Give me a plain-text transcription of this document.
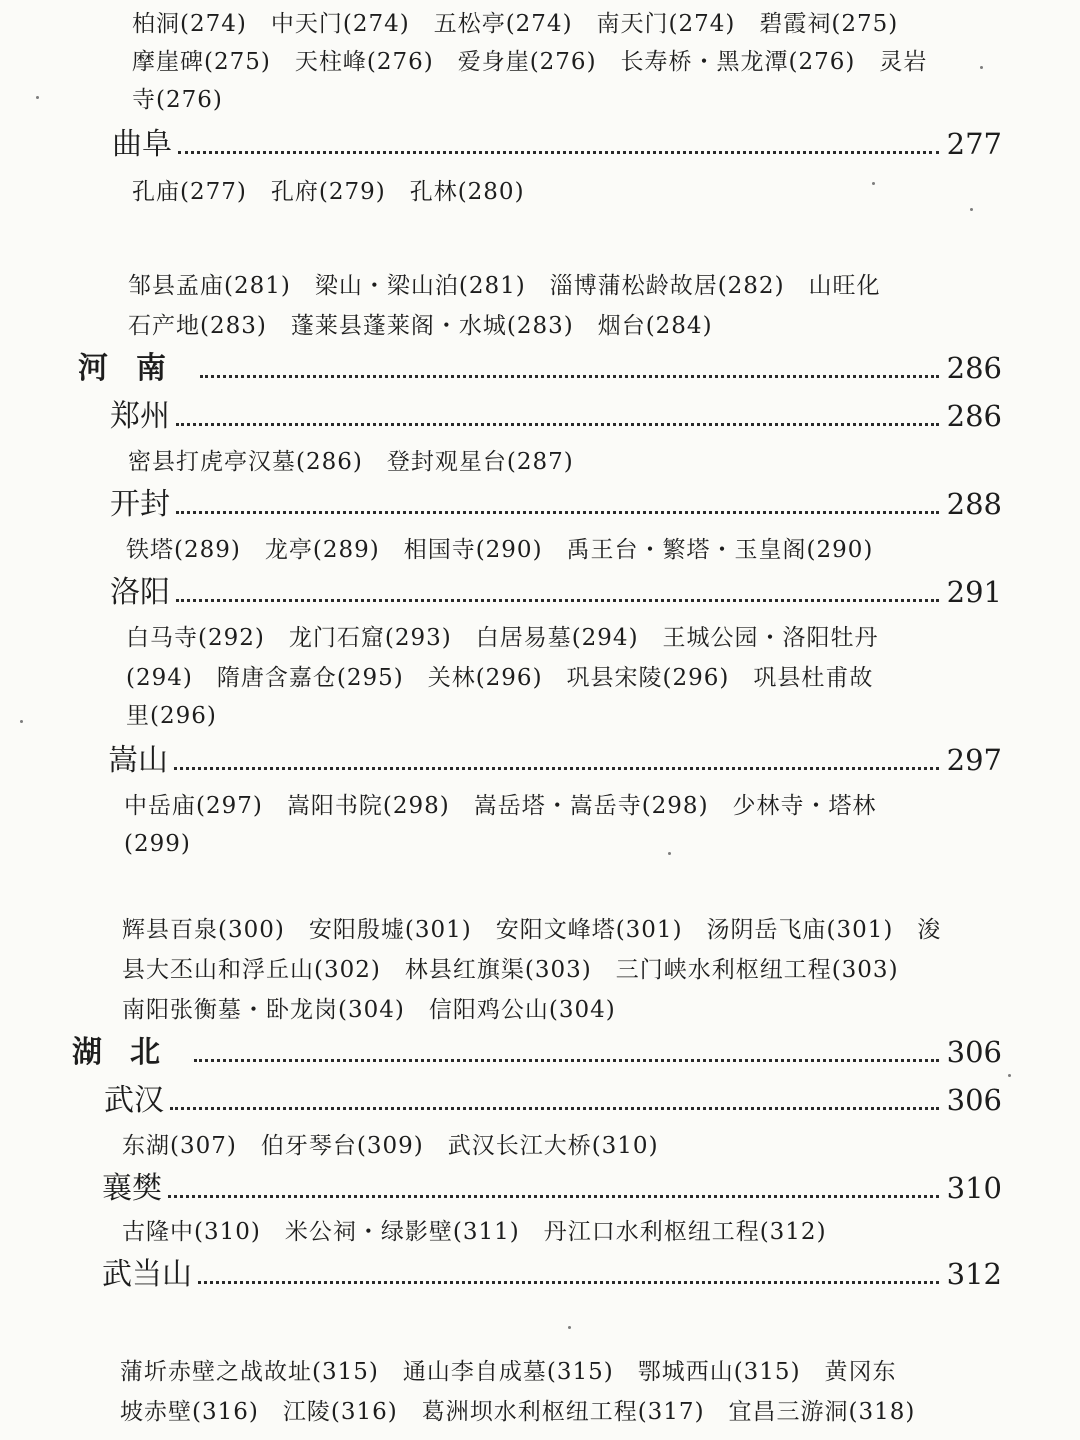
柏洞(274)　中天门(274)　五松亭(274)　南天门(274)　碧霞祠(275)
摩崖碑(275)　天柱峰(276)　爱身崖(276)　长寿桥・黑龙潭(276)　灵岩
寺(276)
曲阜	277
孔庙(277)　孔府(279)　孔林(280)
邹县孟庙(281)　梁山・梁山泊(281)　淄博蒲松龄故居(282)　山旺化
石产地(283)　蓬莱县蓬莱阁・水城(283)　烟台(284)
河南	286
郑州	286
密县打虎亭汉墓(286)　登封观星台(287)
开封	288
铁塔(289)　龙亭(289)　相国寺(290)　禹王台・繁塔・玉皇阁(290)
洛阳	291
白马寺(292)　龙门石窟(293)　白居易墓(294)　王城公园・洛阳牡丹
(294)　隋唐含嘉仓(295)　关林(296)　巩县宋陵(296)　巩县杜甫故
里(296)
嵩山	297
中岳庙(297)　嵩阳书院(298)　嵩岳塔・嵩岳寺(298)　少林寺・塔林
(299)
辉县百泉(300)　安阳殷墟(301)　安阳文峰塔(301)　汤阴岳飞庙(301)　浚
县大丕山和浮丘山(302)　林县红旗渠(303)　三门峡水利枢纽工程(303)
南阳张衡墓・卧龙岗(304)　信阳鸡公山(304)
湖北	306
武汉	306
东湖(307)　伯牙琴台(309)　武汉长江大桥(310)
襄樊	310
古隆中(310)　米公祠・绿影壁(311)　丹江口水利枢纽工程(312)
武当山	312
蒲圻赤壁之战故址(315)　通山李自成墓(315)　鄂城西山(315)　黄冈东
坡赤壁(316)　江陵(316)　葛洲坝水利枢纽工程(317)　宜昌三游洞(318)
